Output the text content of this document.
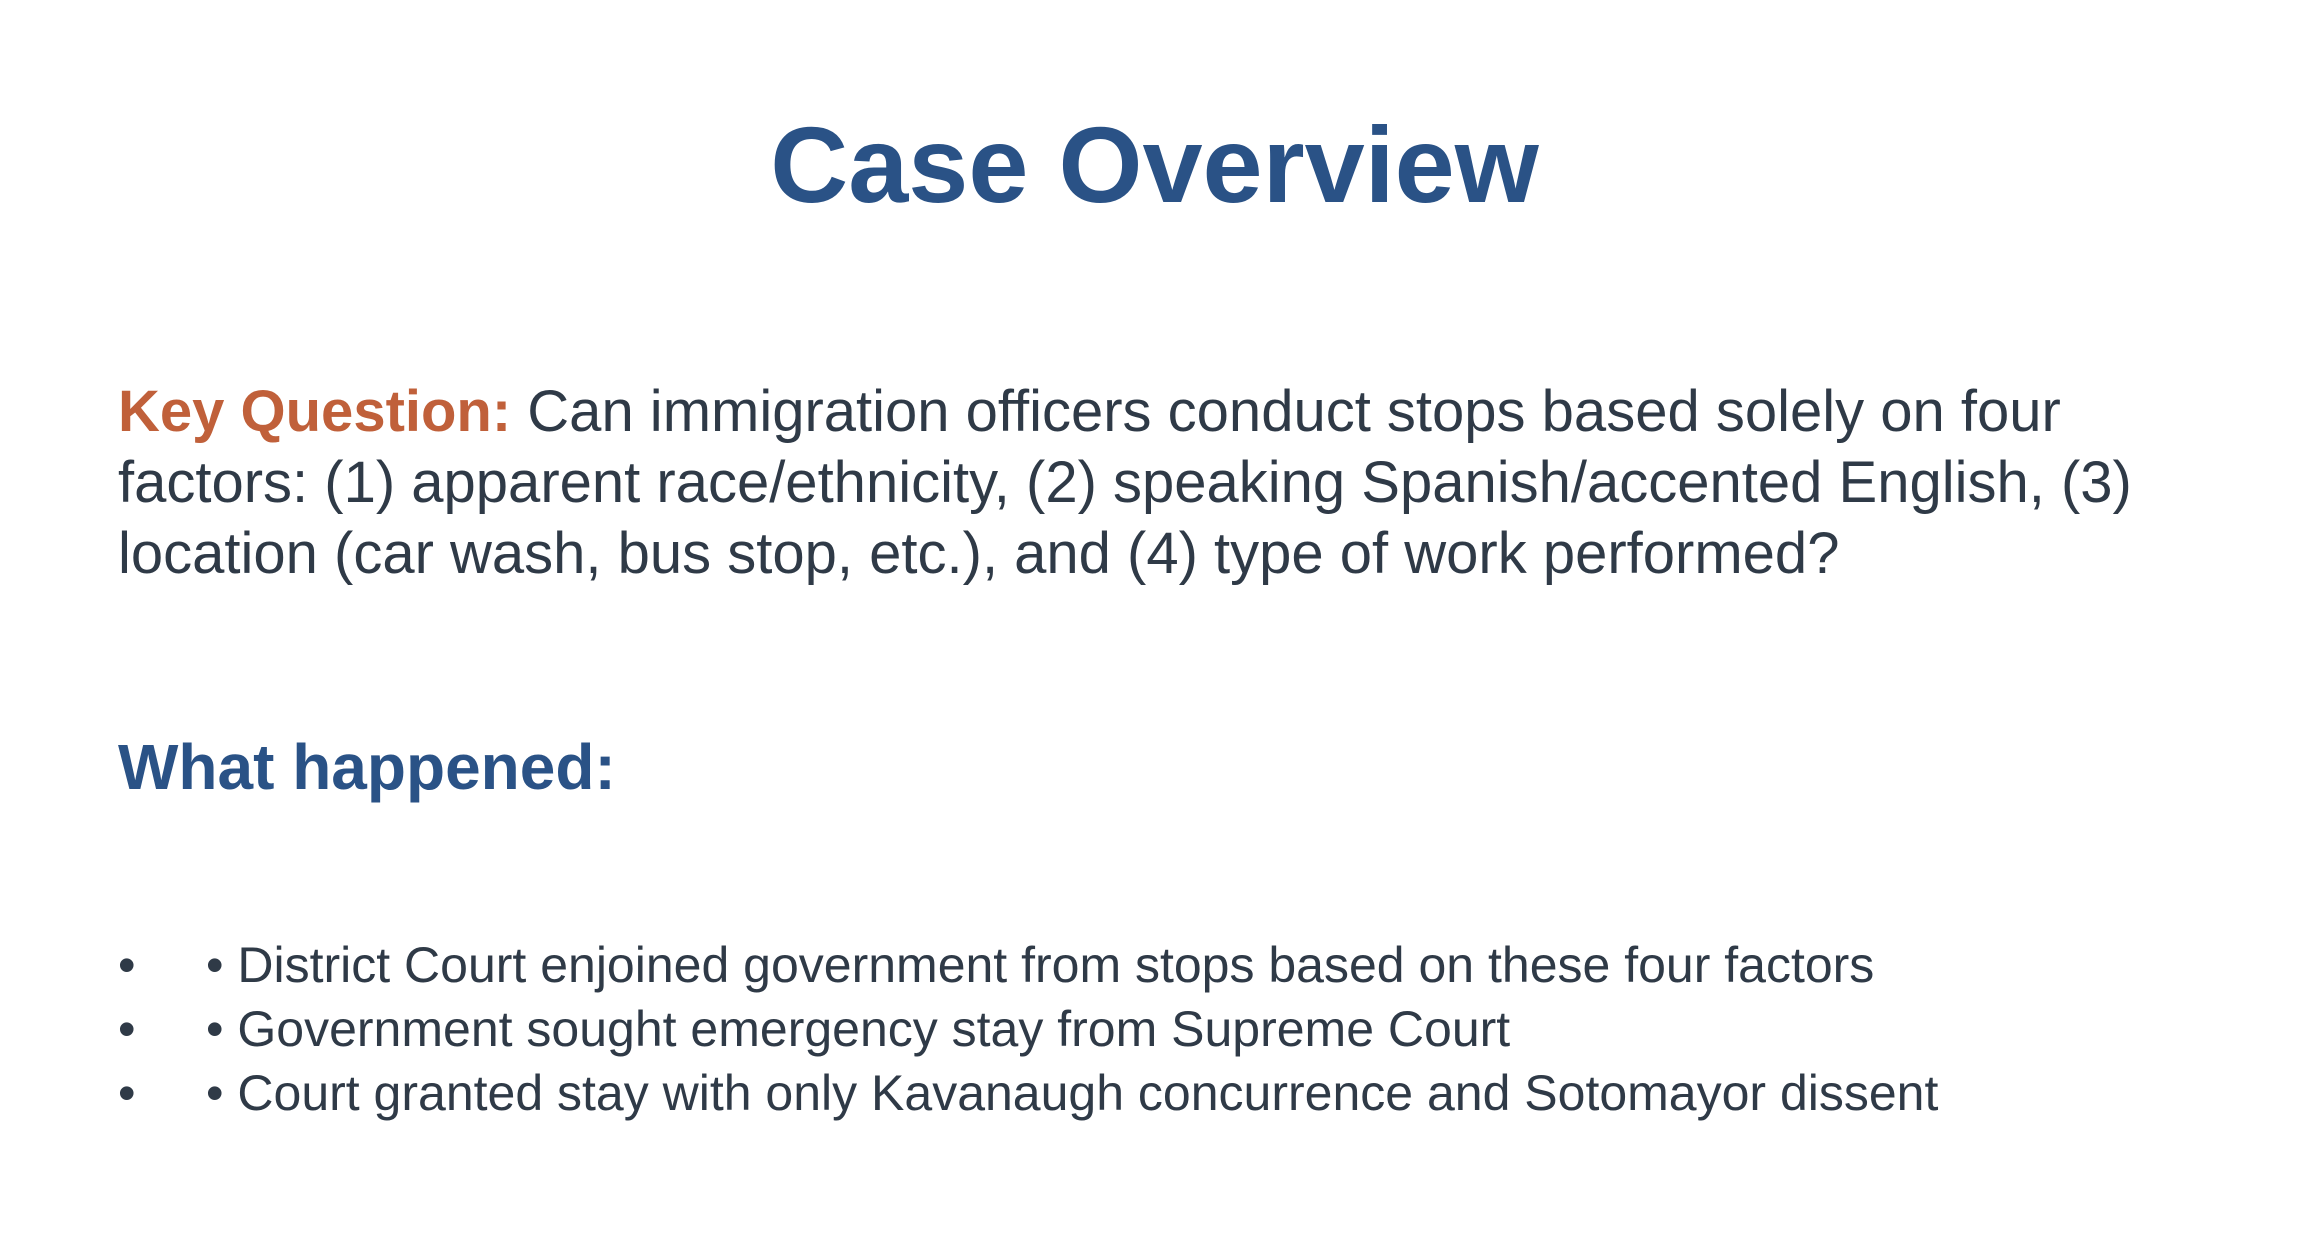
Case Overview

Key Question: Can immigration officers conduct stops based solely on four factors: (1) apparent race/ethnicity, (2) speaking Spanish/accented English, (3) location (car wash, bus stop, etc.), and (4) type of work performed?

What happened:
•	• District Court enjoined government from stops based on these four factors
•	• Government sought emergency stay from Supreme Court
•	• Court granted stay with only Kavanaugh concurrence and Sotomayor dissent
